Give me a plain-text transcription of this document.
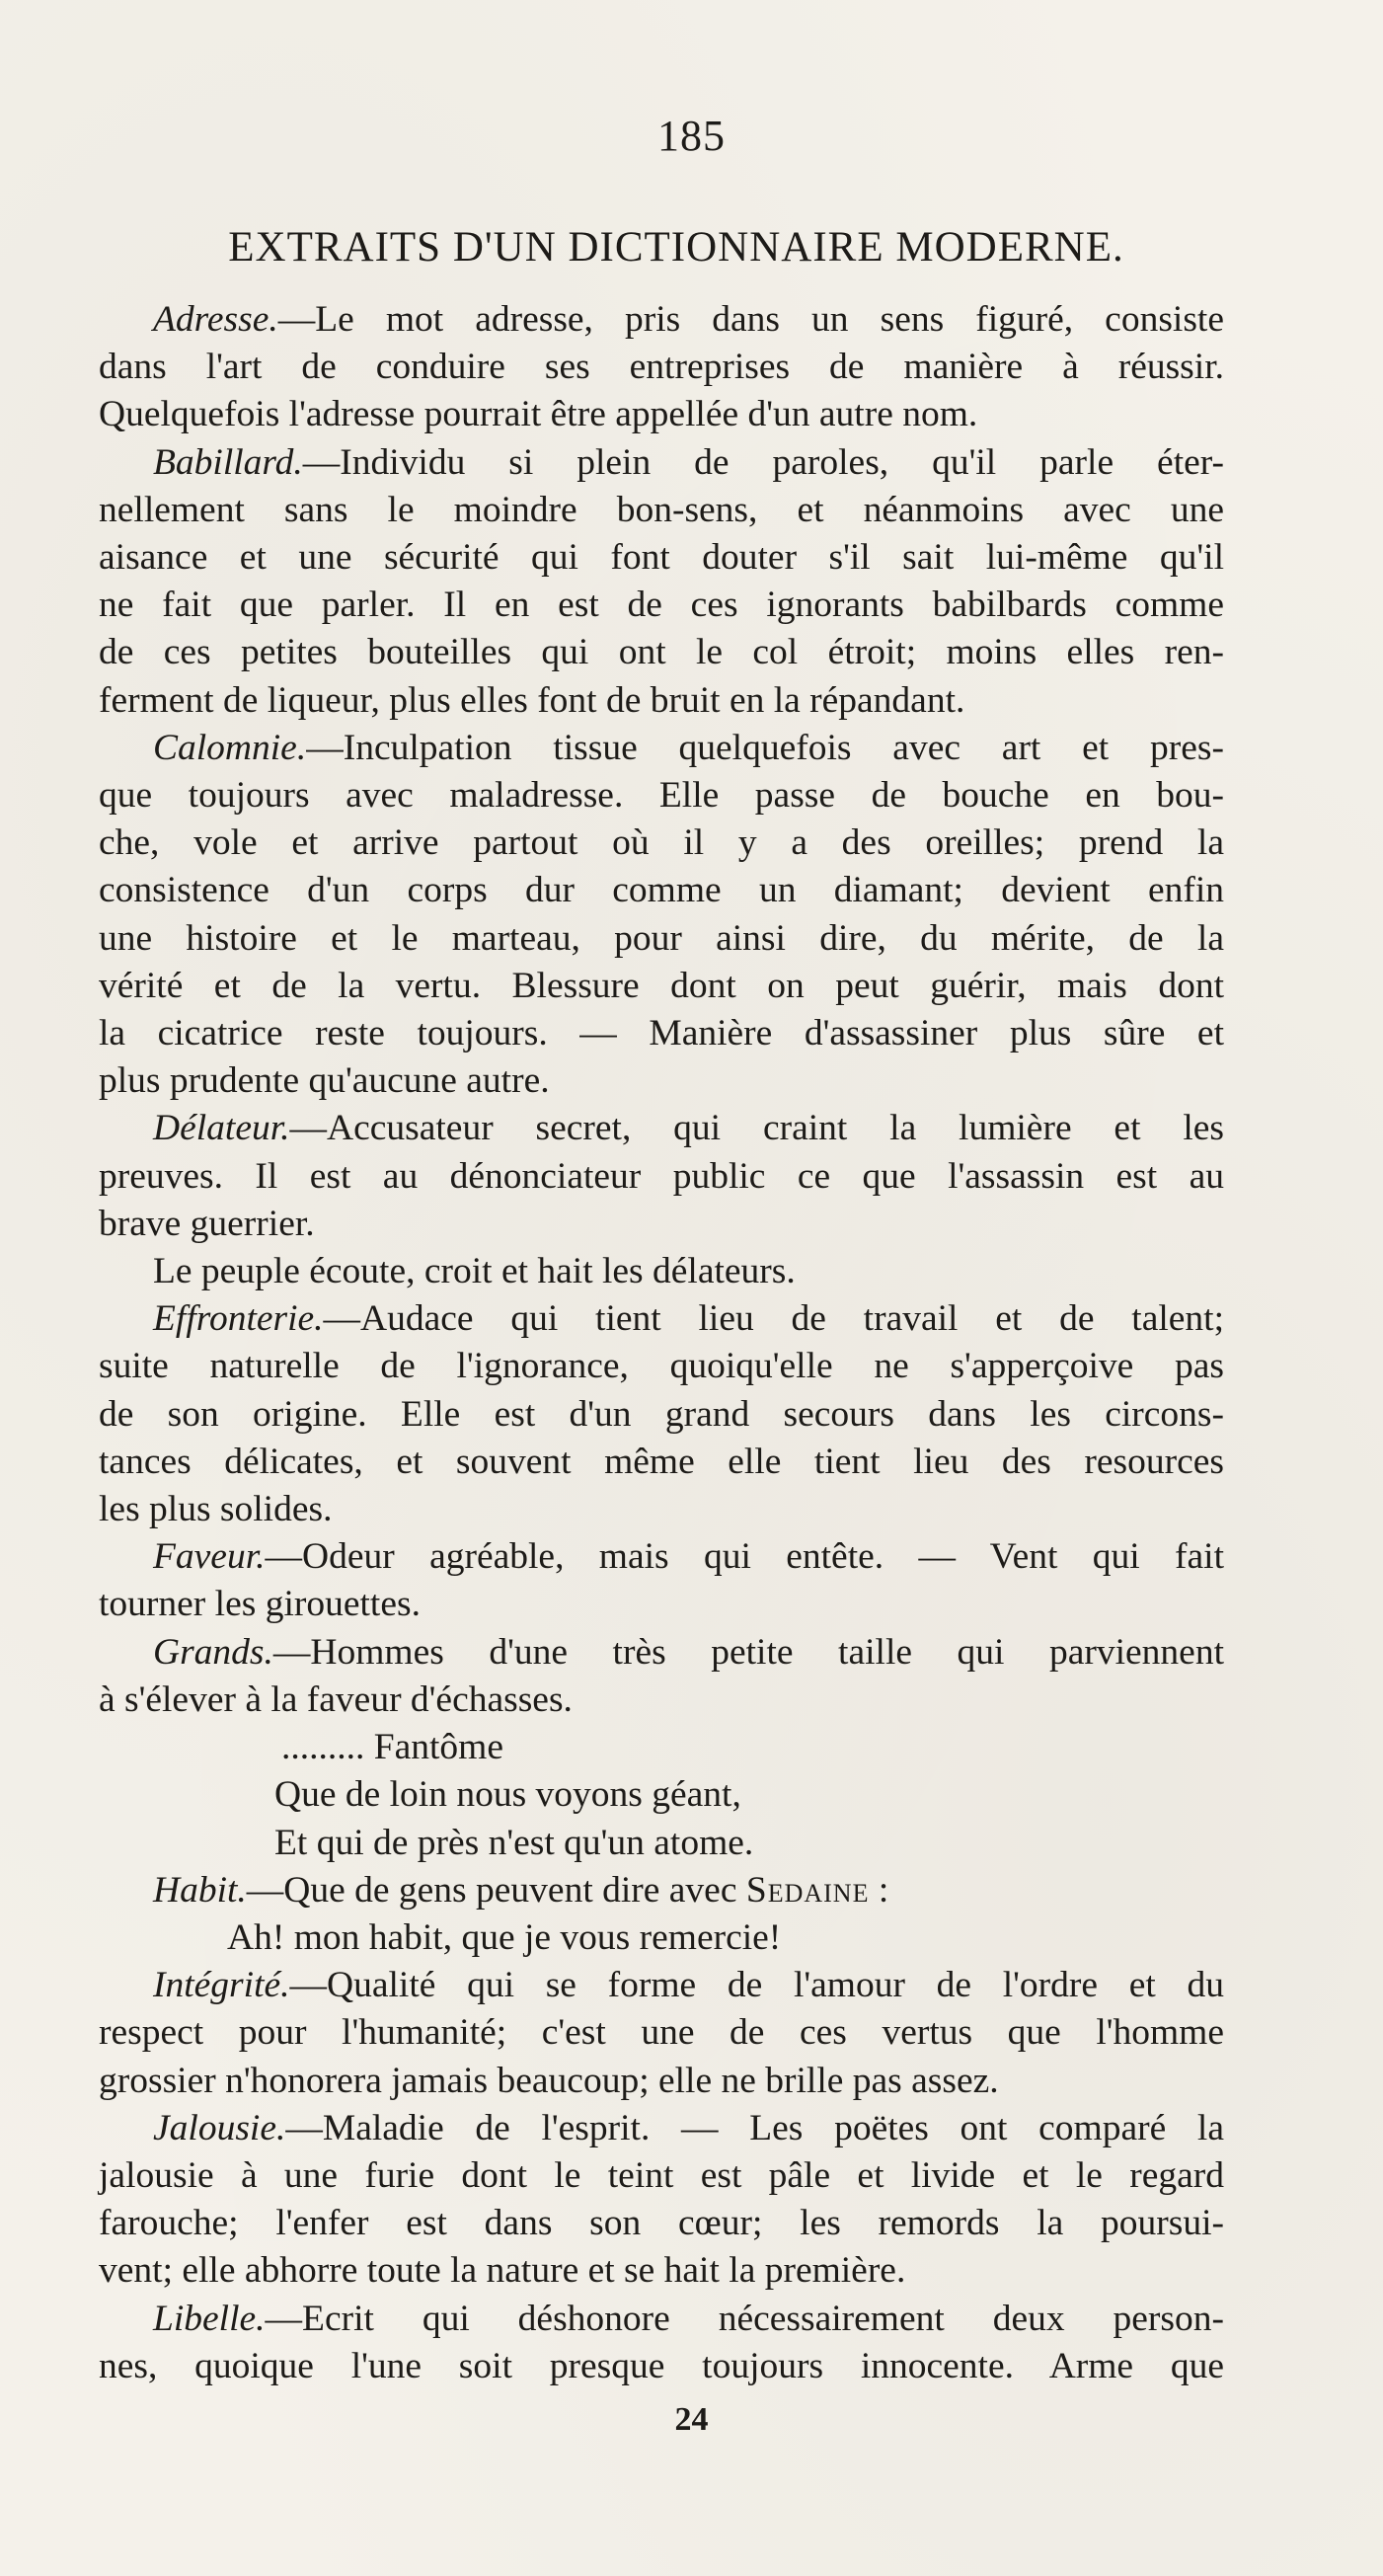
185
EXTRAITS D'UN DICTIONNAIRE MODERNE.

Adresse.—Le mot adresse, pris dans un sens figuré, consiste
dans l'art de conduire ses entreprises de manière à réussir.
Quelquefois l'adresse pourrait être appellée d'un autre nom.

Babillard.—Individu si plein de paroles, qu'il parle éter-
nellement sans le moindre bon-sens, et néanmoins avec une
aisance et une sécurité qui font douter s'il sait lui-même qu'il
ne fait que parler. Il en est de ces ignorants babilbards comme
de ces petites bouteilles qui ont le col étroit; moins elles ren-
ferment de liqueur, plus elles font de bruit en la répandant.

Calomnie.—Inculpation tissue quelquefois avec art et pres-
que toujours avec maladresse. Elle passe de bouche en bou-
che, vole et arrive partout où il y a des oreilles; prend la
consistence d'un corps dur comme un diamant; devient enfin
une histoire et le marteau, pour ainsi dire, du mérite, de la
vérité et de la vertu. Blessure dont on peut guérir, mais dont
la cicatrice reste toujours. — Manière d'assassiner plus sûre et
plus prudente qu'aucune autre.

Délateur.—Accusateur secret, qui craint la lumière et les
preuves. Il est au dénonciateur public ce que l'assassin est au
brave guerrier.
Le peuple écoute, croit et hait les délateurs.

Effronterie.—Audace qui tient lieu de travail et de talent;
suite naturelle de l'ignorance, quoiqu'elle ne s'apperçoive pas
de son origine. Elle est d'un grand secours dans les circons-
tances délicates, et souvent même elle tient lieu des resources
les plus solides.

Faveur.—Odeur agréable, mais qui entête. — Vent qui fait
tourner les girouettes.

Grands.—Hommes d'une très petite taille qui parviennent
à s'élever à la faveur d'échasses.

......... Fantôme
Que de loin nous voyons géant,
Et qui de près n'est qu'un atome.

Habit.—Que de gens peuvent dire avec Sedaine :
Ah! mon habit, que je vous remercie!

Intégrité.—Qualité qui se forme de l'amour de l'ordre et du
respect pour l'humanité; c'est une de ces vertus que l'homme
grossier n'honorera jamais beaucoup; elle ne brille pas assez.

Jalousie.—Maladie de l'esprit. — Les poëtes ont comparé la
jalousie à une furie dont le teint est pâle et livide et le regard
farouche; l'enfer est dans son cœur; les remords la poursui-
vent; elle abhorre toute la nature et se hait la première.

Libelle.—Ecrit qui déshonore nécessairement deux person-
nes, quoique l'une soit presque toujours innocente. Arme que

24
